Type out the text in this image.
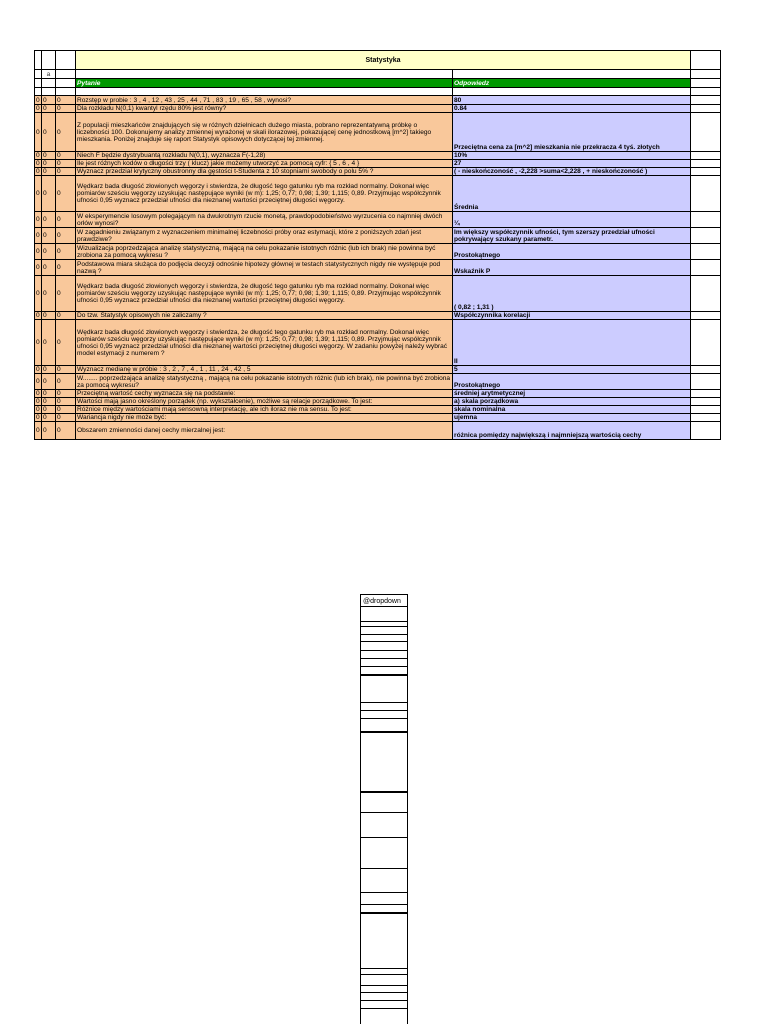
			Statystyka		
	a				
			Pytanie	Odpowiedz	

0	0	0	Rozstęp w probie : 3 , 4 , 12 , 43 , 25 , 44 , 71 , 83 , 19 , 65 , 58 , wynosi?	80	
0	0	0	Dla rozkładu N(0,1) kwantyl rzędu 80% jest równy?	0.84	
0	0	0	Z populacji mieszkańców znajdujących się w różnych dzielnicach dużego miasta, pobrano reprezentatywną próbkę o liczebności 100. Dokonujemy analizy zmiennej wyrażonej w skali ilorazowej, pokazującej cenę jednostkową [m^2] takiego mieszkania. Poniżej znajduje się raport Statystyk opisowych dotyczącej tej zmiennej.	Przeciętna cena za [m^2] mieszkania nie przekracza 4 tyś. złotych	
0	0	0	Niech F będzie dystrybuantą rozkładu N(0,1), wyznacza F(-1,28)	10%	
0	0	0	Ile jest różnych kodów o długości trzy ( klucz) jakie możemy utworzyć za pomocą cyfr: { 5 , 6 , 4 }	27	
0	0	0	Wyznacz przedział krytyczny obustronny dla gęstości t-Studenta z 10 stopniami swobody o polu 5% ?	( - nieskończoność , -2,228 >suma<2,228 , + nieskończoność )	
0	0	0	Wędkarz bada długość złowionych węgorzy i stwierdza, że długość tego gatunku ryb ma rozkład normalny. Dokonał więc pomiarów sześciu węgorzy uzyskując następujące wyniki (w m): 1,25; 0,77; 0,98; 1,39; 1,115; 0,89. Przyjmując współczynnik ufności 0,95 wyznacz przedział ufności dla nieznanej wartości przeciętnej długości węgorzy.	Średnia	
0	0	0	W eksperymencie losowym polegającym na dwukrotnym rzucie monetą, prawdopodobieństwo wyrzucenia co najmniej dwóch orłów wynosi?	¼	
0	0	0	W zagadnieniu związanym z wyznaczeniem minimalnej liczebności próby oraz estymacji, które z poniższych zdań jest prawdziwe?	Im większy współczynnik ufności, tym szerszy przedział ufności pokrywający szukany parametr.	
0	0	0	Wizualizacja poprzedzająca analizę statystyczną, mającą na celu pokazanie istotnych różnic (lub ich brak) nie powinna być zrobiona za pomocą wykresu ?	Prostokątnego	
0	0	0	Podstawowa miara służąca do podjęcia decyzji odnośnie hipotezy głównej w testach statystycznych nigdy nie występuje pod nazwą ?	Wskaźnik P	
0	0	0	Wędkarz bada długość złowionych węgorzy i stwierdza, że długość tego gatunku ryb ma rozkład normalny. Dokonał więc pomiarów sześciu węgorzy uzyskując następujące wyniki (w m): 1,25; 0,77; 0,98; 1,39; 1,115; 0,89. Przyjmując współczynnik ufności 0,95 wyznacz przedział ufności dla nieznanej wartości przeciętnej długości węgorzy.	( 0,82 ; 1,31 )	
0	0	0	Do tzw. Statystyk opisowych nie zaliczamy ?	Współczynnika korelacji	
0	0	0	Wędkarz bada długość złowionych węgorzy i stwierdza, że długość tego gatunku ryb ma rozkład normalny. Dokonał więc pomiarów sześciu węgorzy uzyskując następujące wyniki (w m): 1,25; 0,77; 0,98; 1,39; 1,115; 0,89. Przyjmując współczynnik ufności 0,95 wyznacz przedział ufności dla nieznanej wartości przeciętnej długości węgorzy. W zadaniu powyżej należy wybrać model estymacji z numerem ?	II	
0	0	0	Wyznacz medianę w próbie : 3 , 2 , 7 , 4 , 1 , 11 , 24 , 42 , 5	5	
0	0	0	W........ poprzedzająca analizę statystyczną , mającą na celu pokazanie istotnych różnic (lub ich brak), nie powinna być zrobiona za pomocą wykresu?	Prostokątnego	
0	0	0	Przeciętną wartość cechy wyznacza się na podstawie:	średniej arytmetycznej	
0	0	0	Wartości mają jasno określony porządek (np. wykształcenie), możliwe są relacje porządkowe. To jest:	a) skala porządkowa	
0	0	0	Różnice między wartościami mają sensowną interpretację, ale ich iloraz nie ma sensu. To jest:	skala nominalna	
0	0	0	Wariancja nigdy nie może być:	ujemna	
0	0	0	Obszarem zmienności danej cechy mierzalnej jest:	różnica pomiędzy największą i najmniejszą wartością cechy	
@dropdown
